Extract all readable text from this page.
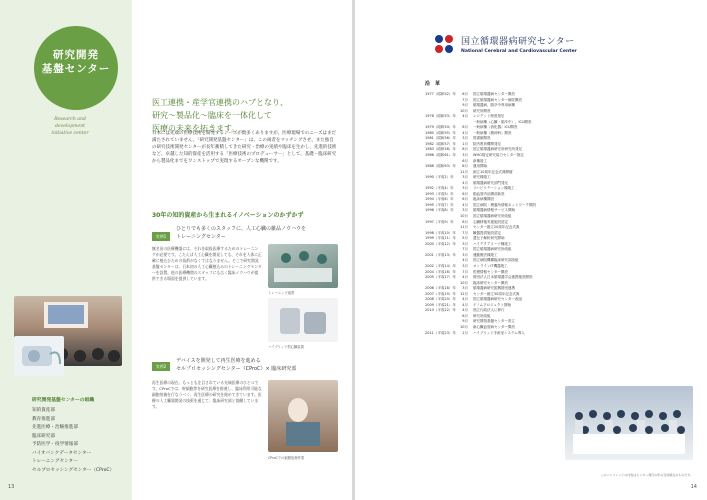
研究開発
基盤センター
Research and
development
initiative center
医工連携・産学官連携のハブとなり、
研究〜製品化〜臨床を一体化して
医療の未来を拓きます。
日本には先端の医療技術を開発するシーズが数多くありますが、医療現場でのニーズはまだ満たされていません。「研究開発基盤センター」は、この両者をマッチングさせ、また独自の研究技術開発センターが長年蓄積してきた研究・治療の実績や臨床を生かし、先進的技術など、卓越した知的資産を活用する「医療技術のプロデューサー」として、基礎・臨床研究から製品化までをワンストップで実現するオープンな機関です。
30年の知的資産から生まれるイノベーションのかずかず
実例1
ひとりでも多くのスタッフに、人工心臓の雑品ノウハウを
トレーニングセンター
無名田の医療機器には、それを取扱医療するためのトレーニングが必要です。こたえば人工心臓を開発しても、それを人体に正確に植込むための技術がなくてはなりません。そこで研究開発基盤センターは、日本初の人工心臓植込みのトレーニングセンターを設置。他の医療機関のスタッフにも広く臨床ノウハウが提供できる場面を提供しています。
トレーニング風景
ハイブリッド型心臓装置
実例2
デバイスを開発して再生医療を進める
セルプロセッシングセンター（CProC）× 臨床研究部
再生医療の現在、もっとも注目されている先端医療のひとつです。CProCでは、幹細胞等を研究医療を推進し、臨床利用可能な細胞培養を行なうべく、再生医療の研究を進めてきています。医療の人工臓器開発の技術を通じて、臨床研究部と協働しています。
CProCでの細胞処理作業
研究開発基盤センターの組織
知的資産部
教育推進部
先進医療・治験推進部
臨床研究部
予防医学・疫学情報部
バイオバンクデータセンター
トレーニングセンター
セルプロセッシングセンター（CProC）
13
国立循環器病研究センター
National Cerebral and Cardiovascular Center
沿　革
1977（昭和52）年	6月	国立循環器病センター開設
7月	国立循環器病センター病院開設
9月	循環器病、脳卒中専用病棟
10月	研究所開設
1978（昭和53）年	4月	レジデント制度発足
一般病棟（心臓・脳卒中）、ICU開設
1979（昭和54）年	6月	一般病棟（消化器）ICU開設
1980（昭和55）年	4月	一般病棟（精神科）開設
1981（昭和56）年	3月	図書館開設
1982（昭和57）年	1月	院内教育機関発足
1983（昭和58）年	8月	国立循環器病研究所研究所発足
1986（昭和61）年	3月	WHO指定研究協力センター指定
6月	新棟竣工
1988（昭和63）年	6月	運用開始
11月	創立10周年記念式典開催
1990（平成2）年	3月	研究棟竣工
4月	循環器病研究部門発足
1992（平成4）年	3月	リハビリテーション棟竣工
1993（平成5）年	6月	脳血管内治療部新設
1994（平成6）年	6月	臨床病棟開設
1995（平成7）年	4月	国立病院・療養所情報ネットワーク開設
1996（平成8）年	3月	循環器病情報サービス開始
10月	国立循環器病研究所改組
1997（平成9）年	6月	心臓移植実施施設認定
11月	センター創立20周年記念式典
1998（平成10）年	7月	臓器提供施設認定
1999（平成11）年	5月	遺伝子解析研究開始
2000（平成12）年	3月	ハイテクアリーナ棟竣工
7月	国立循環器病研究所改組
2001（平成13）年	3月	運動療法棟竣工
4月	国立病院機構臨床研究部改組
2002（平成14）年	3月	オンラインIT機器竣工
2004（平成16）年	7月	医療情報センター開設
2005（平成17）年	4月	財団法人日本循環器学会連携施設開設
10月	臨床研究センター開設
2006（平成18）年	3月	循環器病研究振興財団連携
2007（平成19）年	12月	センター創立30周年記念式典
2008（平成20）年	4月	国立循環器病研究センター改組
2009（平成21）年	4月	ゲノムプロジェクト開始
2010（平成22）年	4月	独立行政法人に移行
6月	研究所改組
9月	研究開発基盤センター設立
10月	新心臓血管病センター開設
2011（平成23）年	1月	ハイブリッド手術室システム導入
このパンフレットの内容はセンター発行の年の当初時点のものです。
14
